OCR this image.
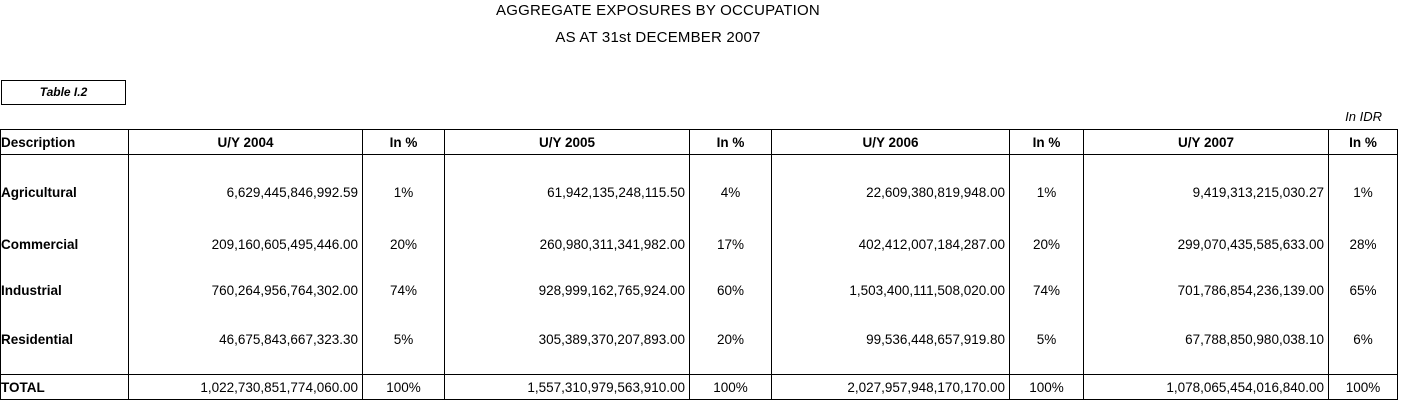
AGGREGATE EXPOSURES BY OCCUPATION
AS AT 31st DECEMBER 2007
Table I.2
In IDR
Description	U/Y 2004	In %	U/Y 2005	In %	U/Y 2006	In %	U/Y 2007	In %
Agricultural	6,629,445,846,992.59	1%	61,942,135,248,115.50	4%	22,609,380,819,948.00	1%	9,419,313,215,030.27	1%
Commercial	209,160,605,495,446.00	20%	260,980,311,341,982.00	17%	402,412,007,184,287.00	20%	299,070,435,585,633.00	28%
Industrial	760,264,956,764,302.00	74%	928,999,162,765,924.00	60%	1,503,400,111,508,020.00	74%	701,786,854,236,139.00	65%
Residential	46,675,843,667,323.30	5%	305,389,370,207,893.00	20%	99,536,448,657,919.80	5%	67,788,850,980,038.10	6%
TOTAL	1,022,730,851,774,060.00	100%	1,557,310,979,563,910.00	100%	2,027,957,948,170,170.00	100%	1,078,065,454,016,840.00	100%
